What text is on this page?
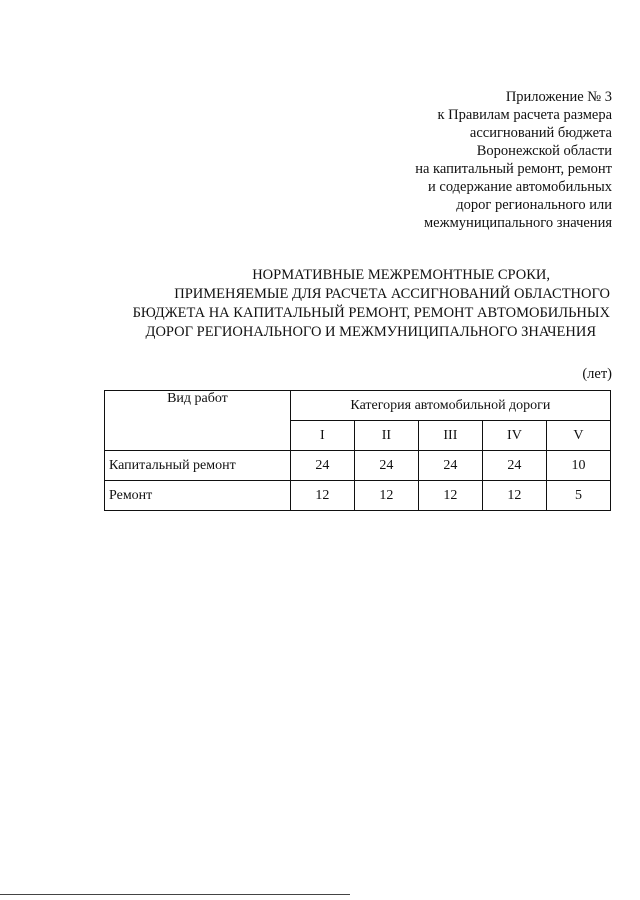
Приложение № 3
к Правилам расчета размера
ассигнований бюджета
Воронежской области
на капитальный ремонт, ремонт
и содержание автомобильных
дорог регионального или
межмуниципального значения
НОРМАТИВНЫЕ МЕЖРЕМОНТНЫЕ СРОКИ,
ПРИМЕНЯЕМЫЕ ДЛЯ РАСЧЕТА АССИГНОВАНИЙ ОБЛАСТНОГО
БЮДЖЕТА НА КАПИТАЛЬНЫЙ РЕМОНТ, РЕМОНТ АВТОМОБИЛЬНЫХ
ДОРОГ РЕГИОНАЛЬНОГО И МЕЖМУНИЦИПАЛЬНОГО ЗНАЧЕНИЯ
(лет)
Вид работ	Категория автомобильной дороги				
	I	II	III	IV	V
Капитальный ремонт	24	24	24	24	10
Ремонт	12	12	12	12	5
